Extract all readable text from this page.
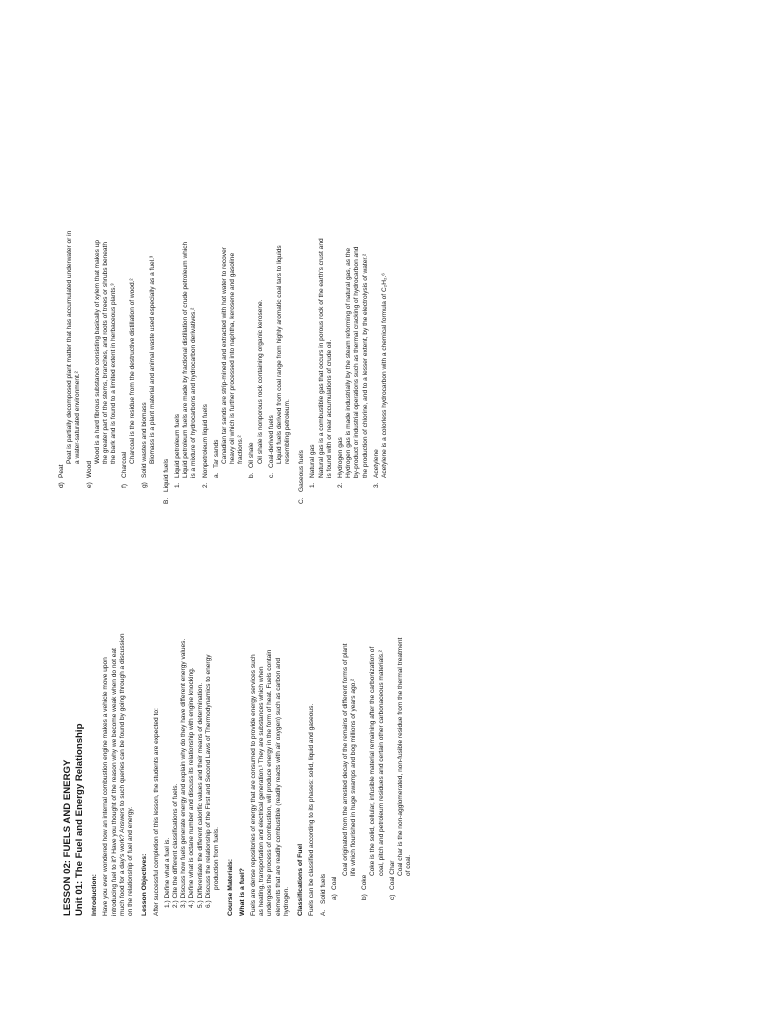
LESSON 02: FUELS AND ENERGY Unit 01: The Fuel and Energy Relationship Introduction: Have you ever wondered how an internal combustion engine makes a vehicle move upon introducing fuel to it? Have you thought of the reason why we become weak when do not eat much food for a day's work? Answers to such queries can be found by going through a discussion on the relationship of fuel and energy. Lesson Objectives: After successful completion of this lesson, the students are expected to: 1.) Define what a fuel is. 2.) Cite the different classifications of fuels. 3.) Discuss how fuels generate energy and explain why do they have different energy values. 4.) Define what is octane number and discuss its relationship with engine knocking. 5.) Differentiate the different calorific values and their means of determination. 6.) Discuss the relationship of the First and Second Laws of Thermodynamics to energy production from fuels. Course Materials: What is a fuel? Fuels are dense repositories of energy that are consumed to provide energy services such as heating, transportation and electrical generation.¹ They are substances which when undergoes the process of combustion, will produce energy in the form of heat. Fuels contain elements that are readily combustible (readily reacts with air oxygen) such as carbon and hydrogen. Classifications of Fuel Fuels can be classified according to its phases: solid, liquid and gaseous. A.
Solid fuels a)
Coal

Coal originated from the arrested decay of the remains of different forms of plant life which flourished in huge swamps and bog millions of years ago.²

b)
Coke

Coke is the solid, cellular, infusible material remaining after the carbonization of coal, pitch and petroleum residues and certain other carbonaceous materials.²

c)
Coal Char Coal char is the non-agglomerated, non-fusible residue from the thermal treatment of coal.

d)
Peat

Peat is partially decomposed plant matter that has accumulated underwater or in a water-saturated environment.²

e)
Wood

Wood is a hard fibrous substance consisting basically of xylem that makes up the greater part of the stems, branches, and roots of trees or shrubs beneath the bark and is found to a limited extent in herbaceous plants.³

f)
Charcoal

Charcoal is the residue from the destructive distillation of wood.²

g)
Solid wastes and biomass Biomass is a plant material and animal waste used especially as a fuel.³

B.
Liquid fuels 1.
Liquid petroleum fuels Liquid petroleum fuels are made by fractional distillation of crude petroleum which is a mixture of hydrocarbons and hydrocarbon derivatives.²

2.
Nonpetroleum liquid fuels a.
Tar sands Canadian tar sands are strip-mined and extracted with hot water to recover heavy oil which is further processed into naphtha, kerosene and gasoline fractions.²

b.
Oil shale Oil shale is nonporous rock containing organic kerosene.

c.
Coal-derived fuels Liquid fuels derived from coal range from highly aromatic coal tars to liquids resembling petroleum.

C.
Gaseous fuels 1.
Natural gas Natural gas is a combustible gas that occurs in porous rock of the earth's crust and is found with or near accumulations of crude oil.

2.
Hydrogen gas Hydrogen gas is made industrially by the steam reforming of natural gas, as the by-product or industrial operations such as thermal cracking of hydrocarbon and the production of chlorine, and to a lesser extent, by the electrolysis of water.²

3.
Acetylene Acetylene is a colorless hydrocarbon with a chemical formula of C₂H₂.⁶
